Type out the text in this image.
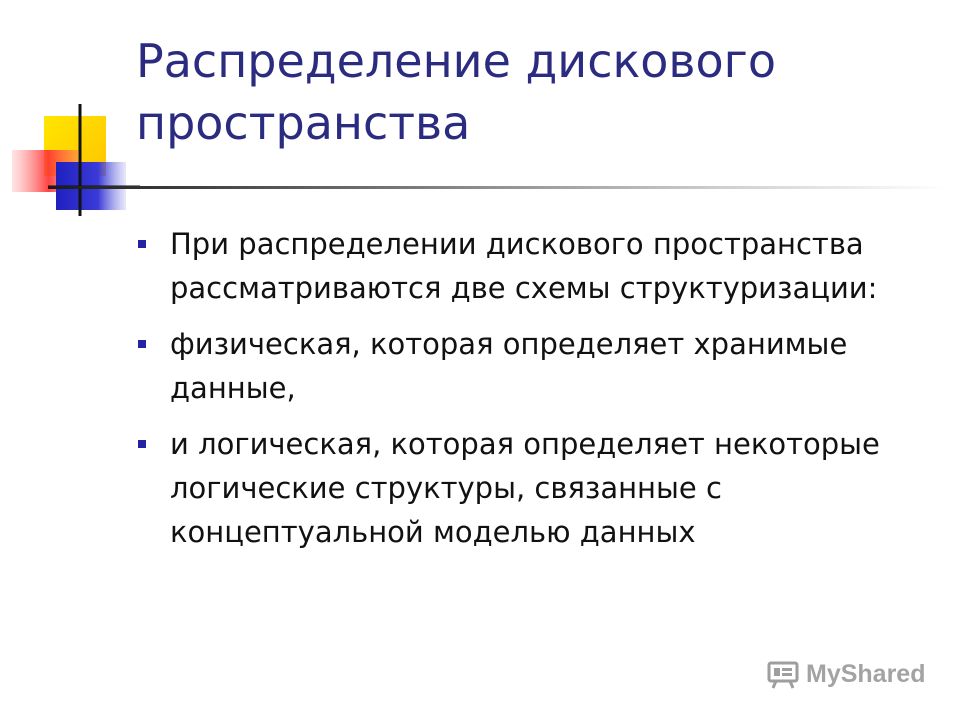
Распределение дискового пространства
При распределении дискового пространства рассматриваются две схемы структуризации:
физическая, которая определяет хранимые данные,
и логическая, которая определяет некоторые логические структуры, связанные с концептуальной моделью данных
MyShared
